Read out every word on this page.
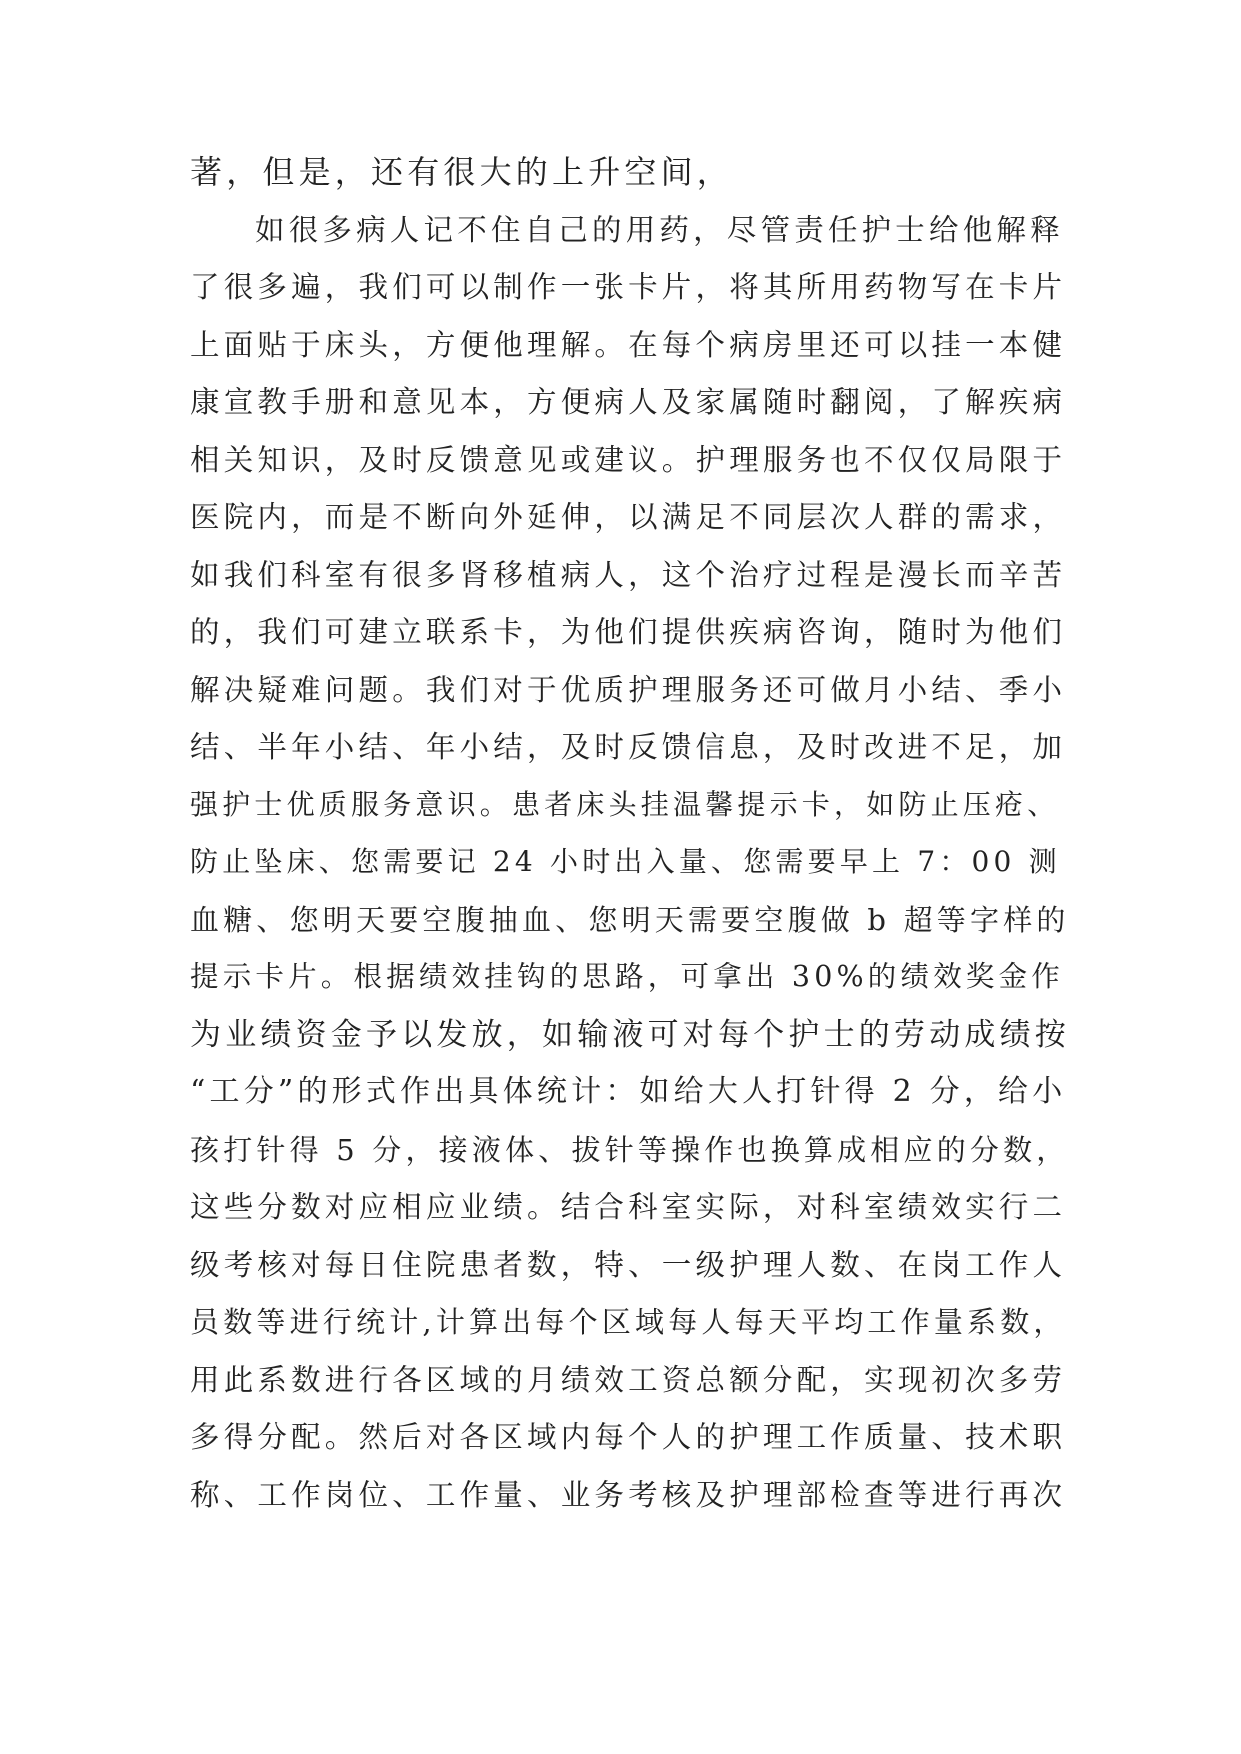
著，但是，还有很大的上升空间，
如很多病人记不住自己的用药，尽管责任护士给他解释
了很多遍，我们可以制作一张卡片，将其所用药物写在卡片
上面贴于床头，方便他理解。在每个病房里还可以挂一本健
康宣教手册和意见本，方便病人及家属随时翻阅，了解疾病
相关知识，及时反馈意见或建议。护理服务也不仅仅局限于
医院内，而是不断向外延伸，以满足不同层次人群的需求，
如我们科室有很多肾移植病人，这个治疗过程是漫长而辛苦
的，我们可建立联系卡，为他们提供疾病咨询，随时为他们
解决疑难问题。我们对于优质护理服务还可做月小结、季小
结、半年小结、年小结，及时反馈信息，及时改进不足，加
强护士优质服务意识。患者床头挂温馨提示卡，如防止压疮、
防止坠床、您需要记 24 小时出入量、您需要早上 7：00 测
血糖、您明天要空腹抽血、您明天需要空腹做 b 超等字样的
提示卡片。根据绩效挂钩的思路，可拿出 30%的绩效奖金作
为业绩资金予以发放，如输液可对每个护士的劳动成绩按
“工分”的形式作出具体统计：如给大人打针得 2 分，给小
孩打针得 5 分，接液体、拔针等操作也换算成相应的分数，
这些分数对应相应业绩。结合科室实际，对科室绩效实行二
级考核对每日住院患者数，特、一级护理人数、在岗工作人
员数等进行统计,计算出每个区域每人每天平均工作量系数，
用此系数进行各区域的月绩效工资总额分配，实现初次多劳
多得分配。然后对各区域内每个人的护理工作质量、技术职
称、工作岗位、工作量、业务考核及护理部检查等进行再次
